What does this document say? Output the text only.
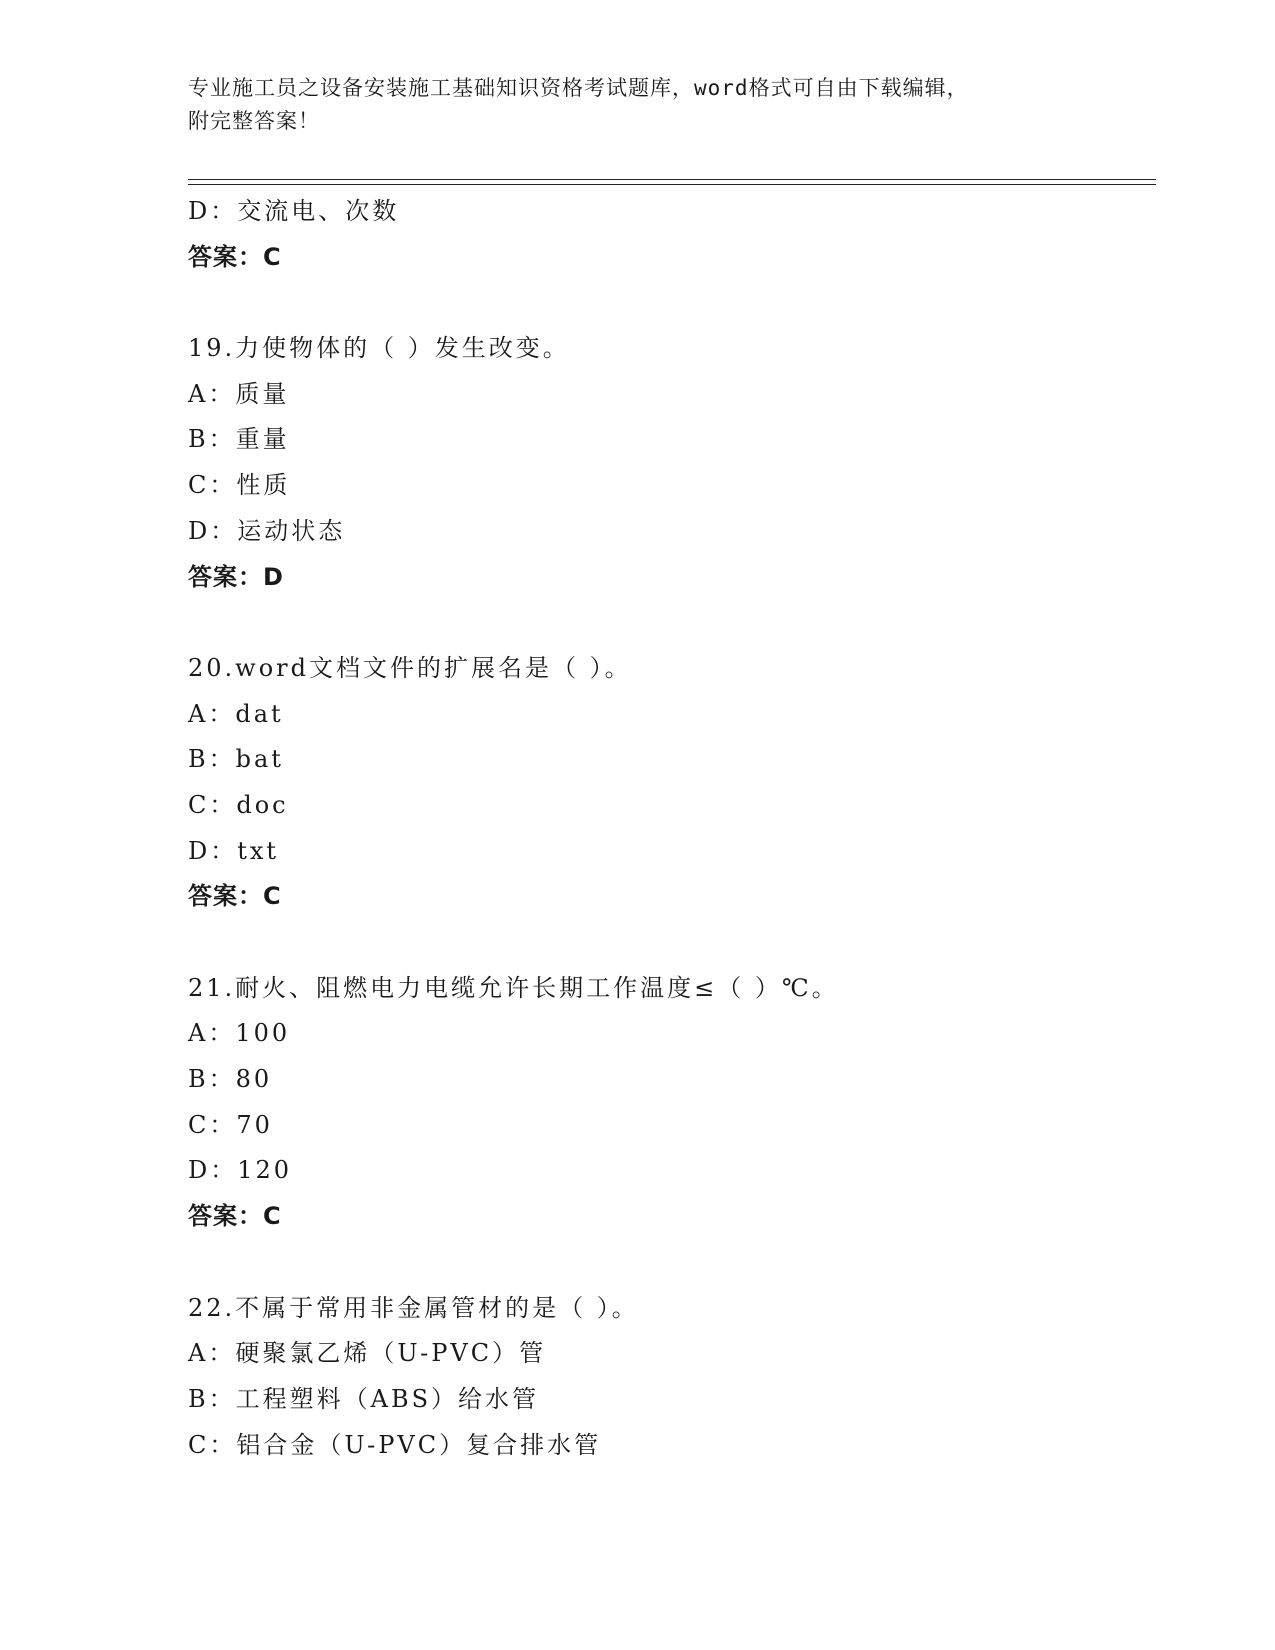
专业施工员之设备安装施工基础知识资格考试题库，word格式可自由下载编辑，
附完整答案！
D：交流电、次数
答案：C
19.力使物体的（ ）发生改变。
A：质量
B：重量
C：性质
D：运动状态
答案：D
20.word文档文件的扩展名是（ ）。
A：dat
B：bat
C：doc
D：txt
答案：C
21.耐火、阻燃电力电缆允许长期工作温度≤（ ）℃。
A：100
B：80
C：70
D：120
答案：C
22.不属于常用非金属管材的是（ ）。
A：硬聚氯乙烯（U-PVC）管
B：工程塑料（ABS）给水管
C：铝合金（U-PVC）复合排水管
